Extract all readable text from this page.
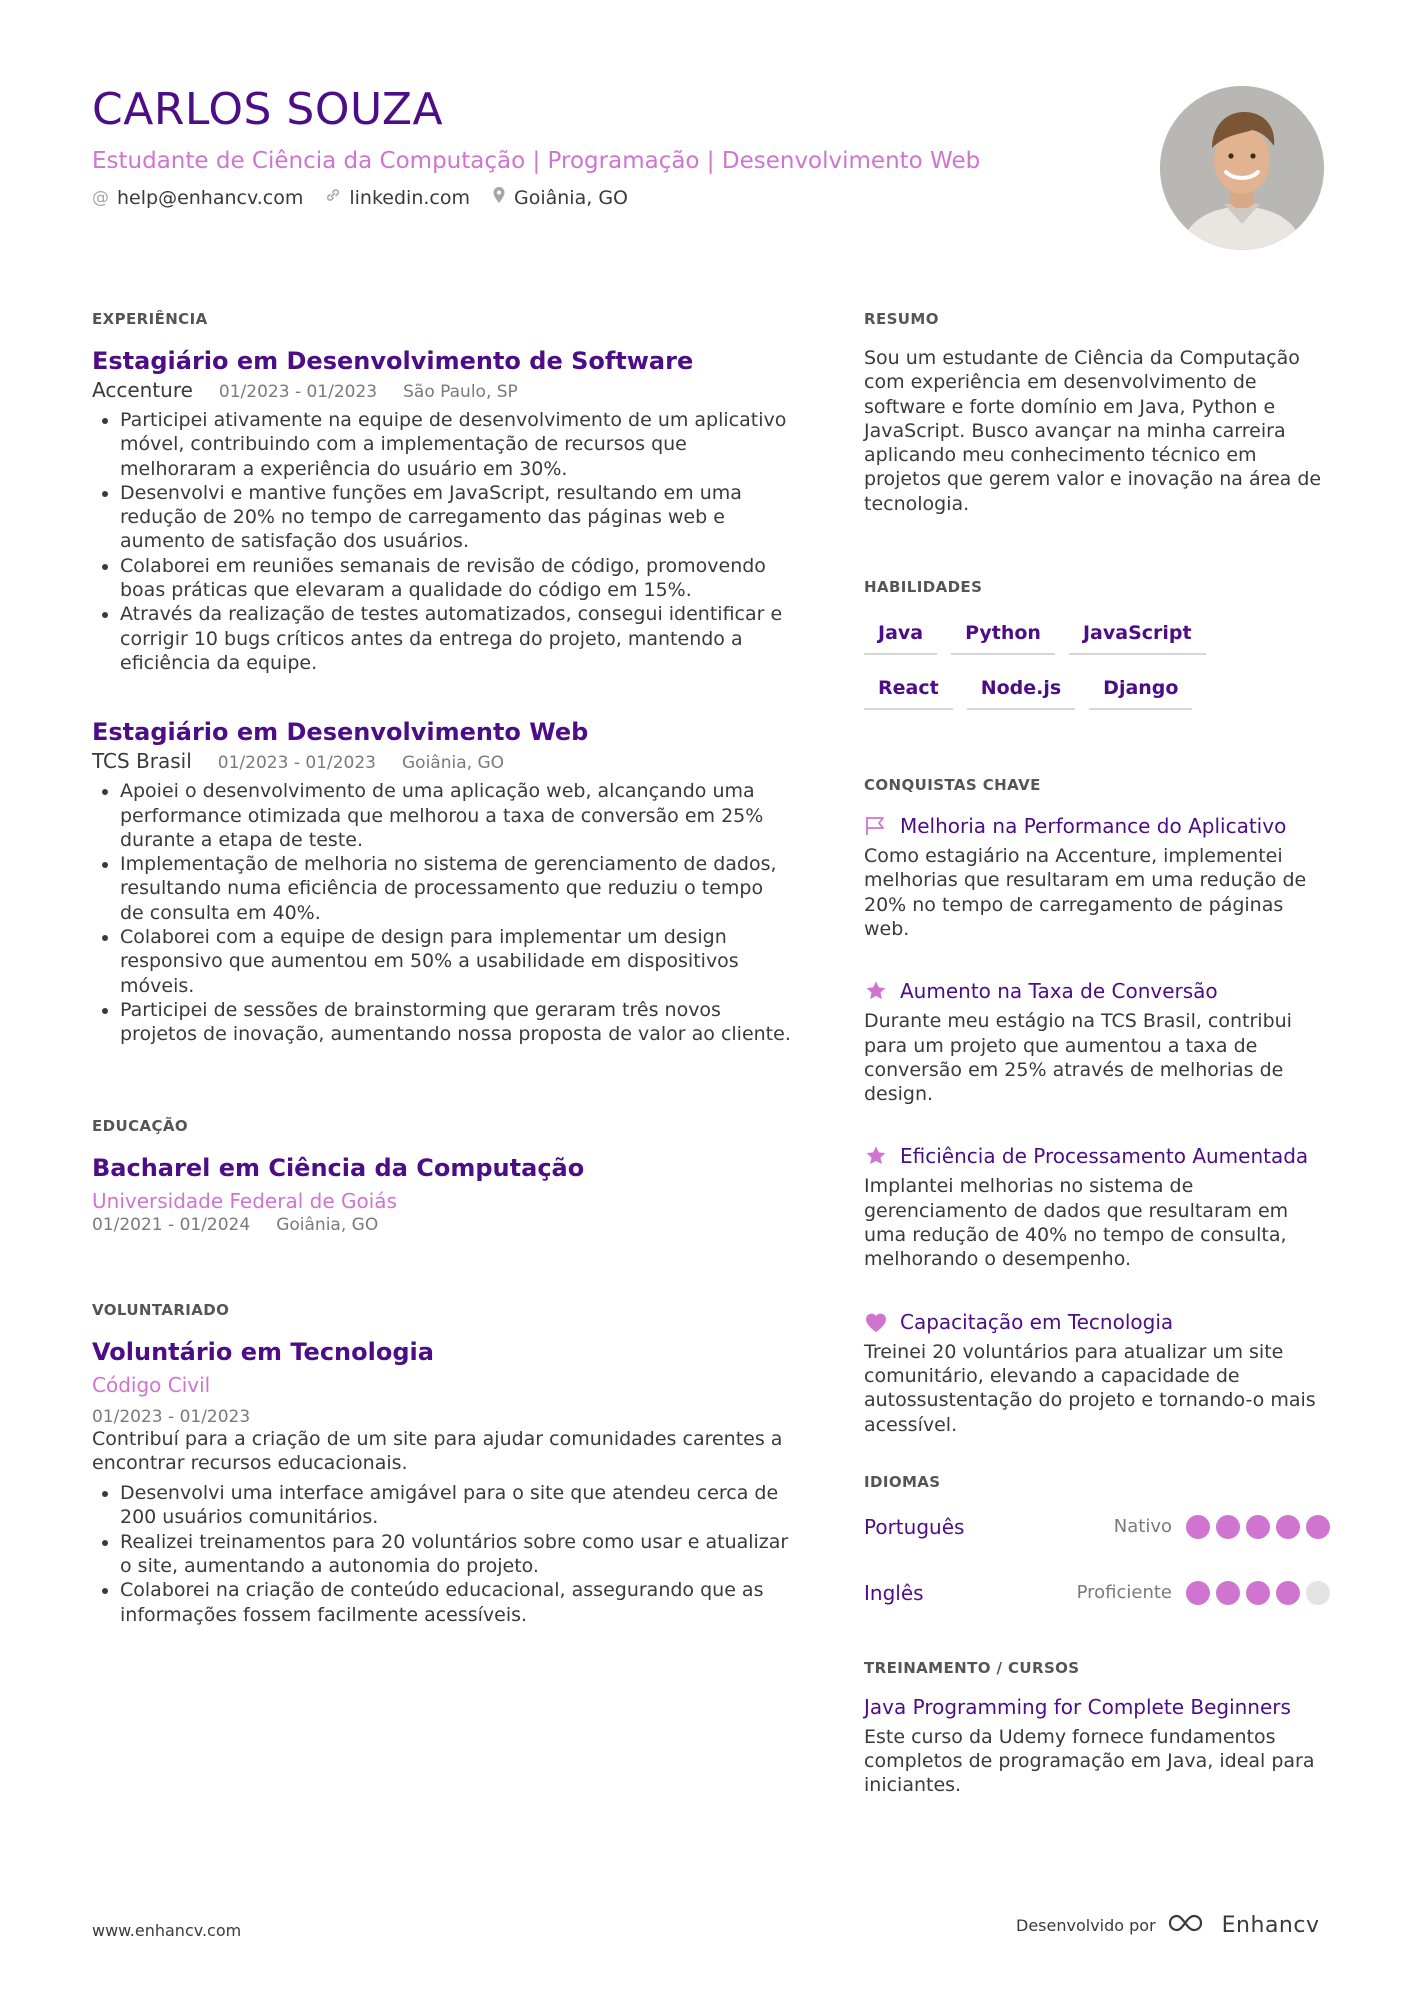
CARLOS SOUZA
Estudante de Ciência da Computação | Programação | Desenvolvimento Web
@ help@enhancv.com linkedin.com Goiânia, GO
EXPERIÊNCIA
Estagiário em Desenvolvimento de Software
Accenture 01/2023 - 01/2023 São Paulo, SP
• Participei ativamente na equipe de desenvolvimento de um aplicativo móvel, contribuindo com a implementação de recursos que melhoraram a experiência do usuário em 30%.
• Desenvolvi e mantive funções em JavaScript, resultando em uma redução de 20% no tempo de carregamento das páginas web e aumento de satisfação dos usuários.
• Colaborei em reuniões semanais de revisão de código, promovendo boas práticas que elevaram a qualidade do código em 15%.
• Através da realização de testes automatizados, consegui identificar e corrigir 10 bugs críticos antes da entrega do projeto, mantendo a eficiência da equipe.
Estagiário em Desenvolvimento Web
TCS Brasil 01/2023 - 01/2023 Goiânia, GO
• Apoiei o desenvolvimento de uma aplicação web, alcançando uma performance otimizada que melhorou a taxa de conversão em 25% durante a etapa de teste.
• Implementação de melhoria no sistema de gerenciamento de dados, resultando numa eficiência de processamento que reduziu o tempo de consulta em 40%.
• Colaborei com a equipe de design para implementar um design responsivo que aumentou em 50% a usabilidade em dispositivos móveis.
• Participei de sessões de brainstorming que geraram três novos projetos de inovação, aumentando nossa proposta de valor ao cliente.
EDUCAÇÃO
Bacharel em Ciência da Computação
Universidade Federal de Goiás
01/2021 - 01/2024 Goiânia, GO
VOLUNTARIADO
Voluntário em Tecnologia
Código Civil
01/2023 - 01/2023
Contribuí para a criação de um site para ajudar comunidades carentes a encontrar recursos educacionais.
• Desenvolvi uma interface amigável para o site que atendeu cerca de 200 usuários comunitários.
• Realizei treinamentos para 20 voluntários sobre como usar e atualizar o site, aumentando a autonomia do projeto.
• Colaborei na criação de conteúdo educacional, assegurando que as informações fossem facilmente acessíveis.
RESUMO

Sou um estudante de Ciência da Computação com experiência em desenvolvimento de software e forte domínio em Java, Python e JavaScript. Busco avançar na minha carreira aplicando meu conhecimento técnico em projetos que gerem valor e inovação na área de tecnologia.

HABILIDADES
Java	Python	JavaScript
React	Node.js	Django
CONQUISTAS CHAVE
Melhoria na Performance do Aplicativo

Como estagiário na Accenture, implementei melhorias que resultaram em uma redução de 20% no tempo de carregamento de páginas web.

Aumento na Taxa de Conversão

Durante meu estágio na TCS Brasil, contribui para um projeto que aumentou a taxa de conversão em 25% através de melhorias de design.

Eficiência de Processamento Aumentada

Implantei melhorias no sistema de gerenciamento de dados que resultaram em uma redução de 40% no tempo de consulta, melhorando o desempenho.

Capacitação em Tecnologia

Treinei 20 voluntários para atualizar um site comunitário, elevando a capacidade de autossustentação do projeto e tornando-o mais acessível.

IDIOMAS
Português	Nativo
Inglês	Proficiente
TREINAMENTO / CURSOS
Java Programming for Complete Beginners

Este curso da Udemy fornece fundamentos completos de programação em Java, ideal para iniciantes.

www.enhancv.com	Desenvolvido por	Enhancv
